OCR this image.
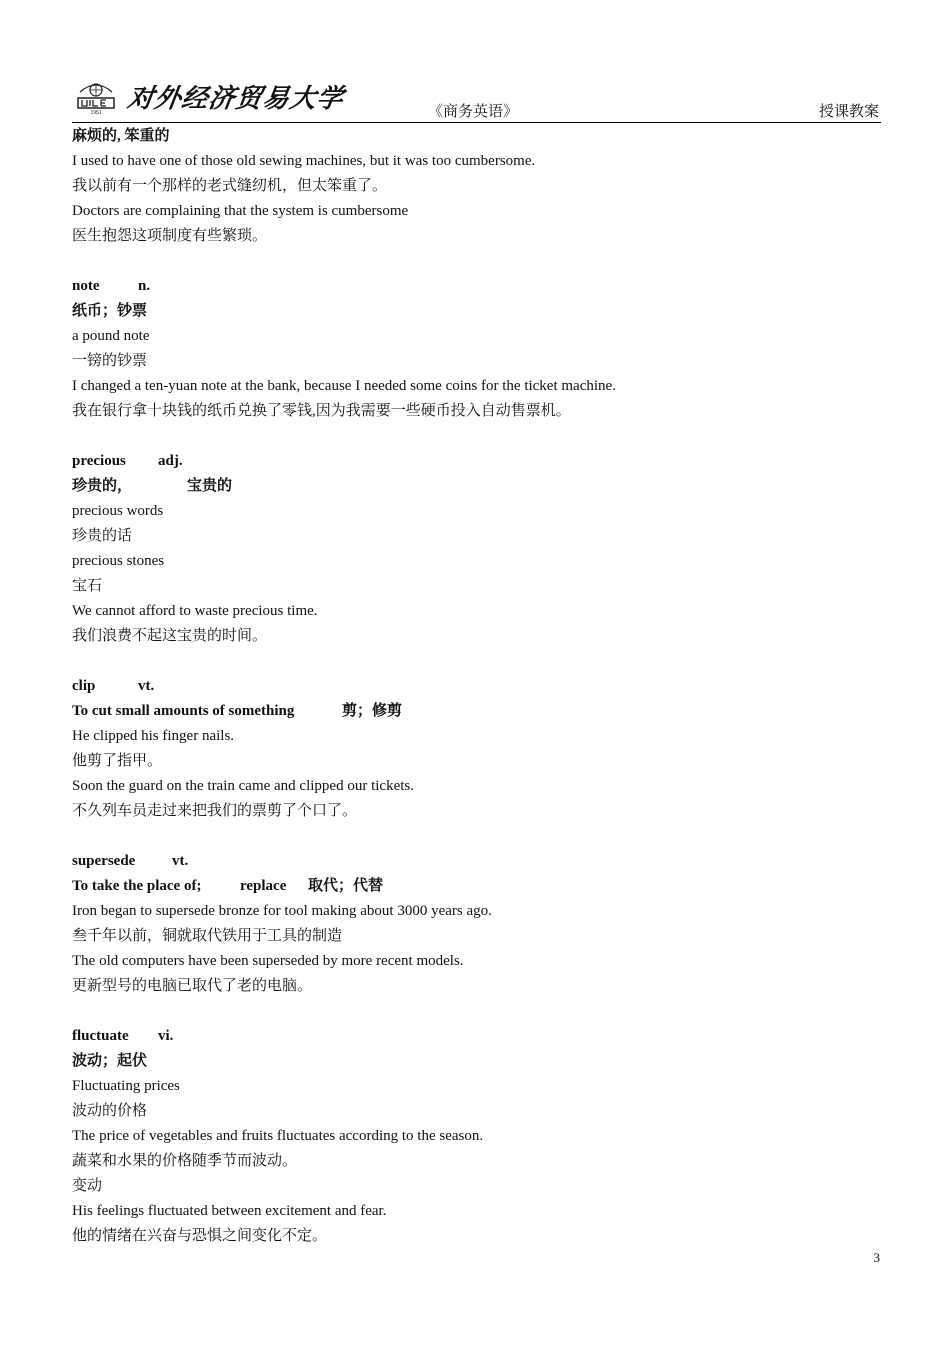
1951 对外经济贸易大学	《商务英语》	授课教案
麻烦的, 笨重的
I used to have one of those old sewing machines, but it was too cumbersome.
我以前有一个那样的老式缝纫机，但太笨重了。
Doctors are complaining that the system is cumbersome
医生抱怨这项制度有些繁琐。
note	n.
纸币；钞票
a pound note
一镑的钞票
I changed a ten-yuan note at the bank, because I needed some coins for the ticket machine.
我在银行拿十块钱的纸币兑换了零钱,因为我需要一些硬币投入自动售票机。
precious adj.
珍贵的，	宝贵的
precious words
珍贵的话
precious stones
宝石
We cannot afford to waste precious time.
我们浪费不起这宝贵的时间。
clip	vt.
To cut small amounts of something	剪；修剪
He clipped his finger nails.
他剪了指甲。
Soon the guard on the train came and clipped our tickets.
不久列车员走过来把我们的票剪了个口了。
supersede vt.
To take the place of;	replace 取代；代替
Iron began to supersede bronze for tool making about 3000 years ago.
叁千年以前，铜就取代铁用于工具的制造
The old computers have been superseded by more recent models.
更新型号的电脑已取代了老的电脑。
fluctuate vi.
波动；起伏
Fluctuating prices
波动的价格
The price of vegetables and fruits fluctuates according to the season.
蔬菜和水果的价格随季节而波动。
变动
His feelings fluctuated between excitement and fear.
他的情绪在兴奋与恐惧之间变化不定。
3
